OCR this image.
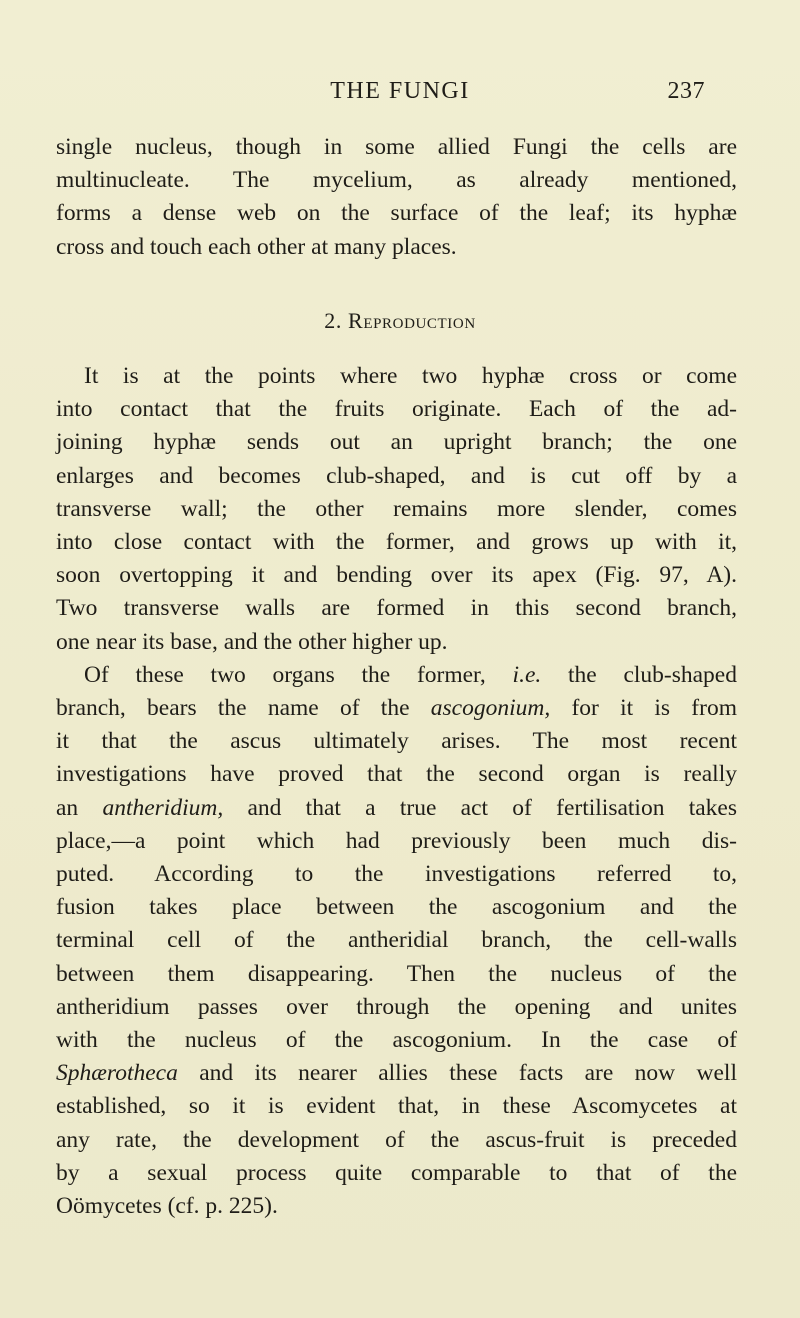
THE FUNGI	237
single nucleus, though in some allied Fungi the cells are
multinucleate. The mycelium, as already mentioned,
forms a dense web on the surface of the leaf; its hyphæ
cross and touch each other at many places.
2. Reproduction
It is at the points where two hyphæ cross or come
into contact that the fruits originate. Each of the ad-
joining hyphæ sends out an upright branch; the one
enlarges and becomes club-shaped, and is cut off by a
transverse wall; the other remains more slender, comes
into close contact with the former, and grows up with it,
soon overtopping it and bending over its apex (Fig. 97, A).
Two transverse walls are formed in this second branch,
one near its base, and the other higher up.
Of these two organs the former, i.e. the club-shaped
branch, bears the name of the ascogonium, for it is from
it that the ascus ultimately arises. The most recent
investigations have proved that the second organ is really
an antheridium, and that a true act of fertilisation takes
place,—a point which had previously been much dis-
puted. According to the investigations referred to,
fusion takes place between the ascogonium and the
terminal cell of the antheridial branch, the cell-walls
between them disappearing. Then the nucleus of the
antheridium passes over through the opening and unites
with the nucleus of the ascogonium. In the case of
Sphærotheca and its nearer allies these facts are now well
established, so it is evident that, in these Ascomycetes at
any rate, the development of the ascus-fruit is preceded
by a sexual process quite comparable to that of the
Oömycetes (cf. p. 225).
